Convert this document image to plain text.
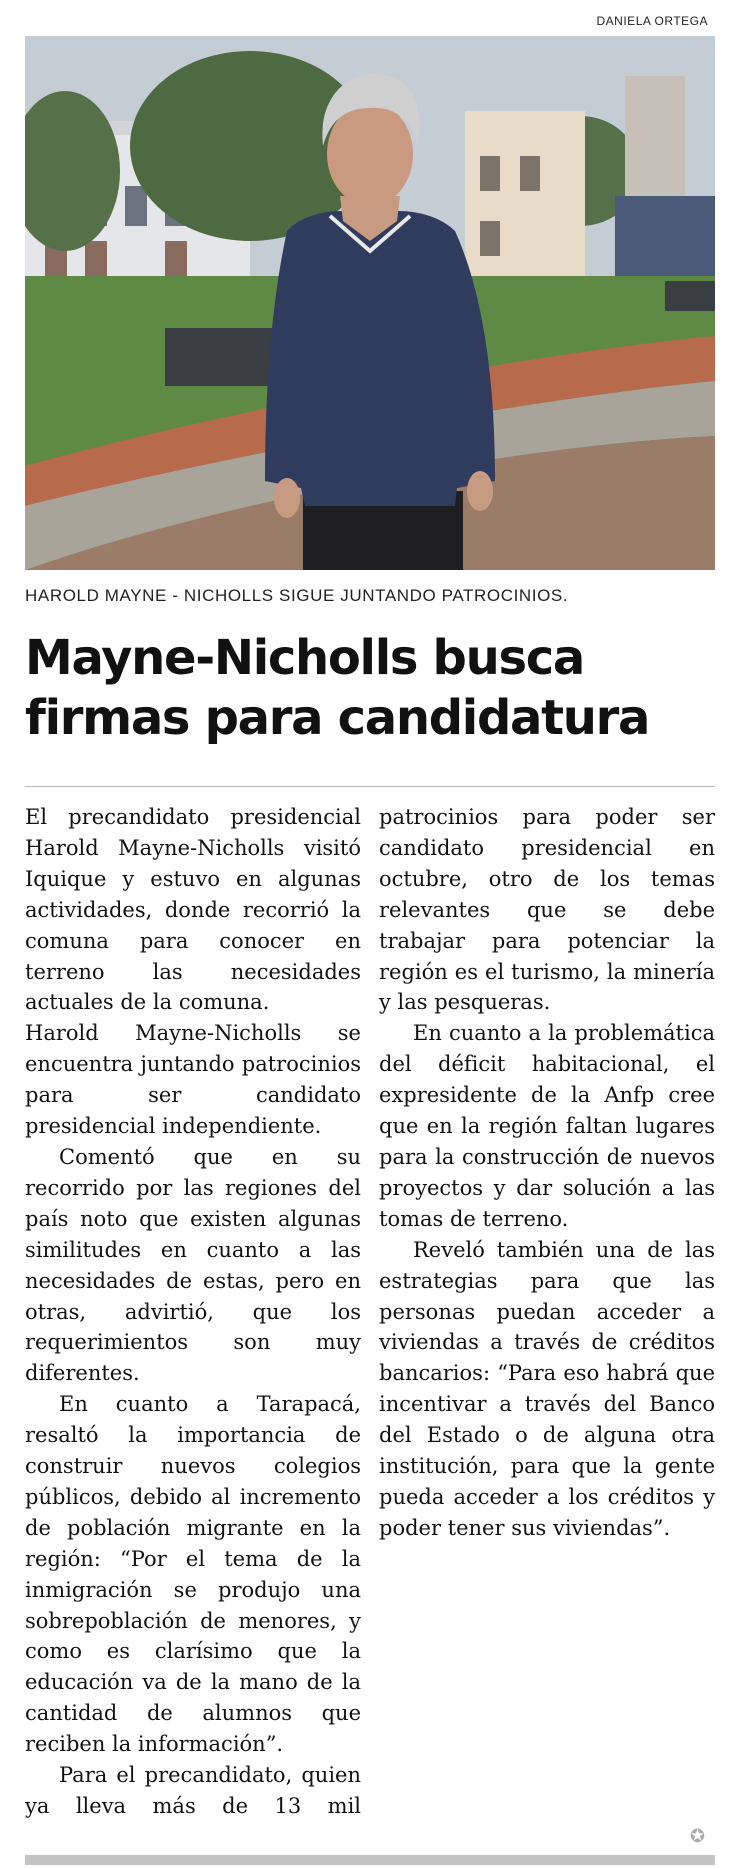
DANIELA ORTEGA
HAROLD MAYNE - NICHOLLS SIGUE JUNTANDO PATROCINIOS.
Mayne-Nicholls busca firmas para candidatura

El precandidato presidencial Harold Mayne-Nicholls visitó Iquique y estuvo en algunas actividades, donde recorrió la comuna para conocer en terreno las necesidades actuales de la comuna.

Harold Mayne-Nicholls se encuentra juntando patrocinios para ser candidato presidencial independiente.

Comentó que en su recorrido por las regiones del país noto que existen algunas similitudes en cuanto a las necesidades de estas, pero en otras, advirtió, que los requerimientos son muy diferentes.

En cuanto a Tarapacá, resaltó la importancia de construir nuevos colegios públicos, debido al incremento de población migrante en la región: “Por el tema de la inmigración se produjo una sobrepoblación de menores, y como es clarísimo que la educación va de la mano de la cantidad de alumnos que reciben la información”.

Para el precandidato, quien ya lleva más de 13 mil patrocinios para poder ser candidato presidencial en octubre, otro de los temas relevantes que se debe trabajar para potenciar la región es el turismo, la minería y las pesqueras.

En cuanto a la problemática del déficit habitacional, el expresidente de la Anfp cree que en la región faltan lugares para la construcción de nuevos proyectos y dar solución a las tomas de terreno.

Reveló también una de las estrategias para que las personas puedan acceder a viviendas a través de créditos bancarios: “Para eso habrá que incentivar a través del Banco del Estado o de alguna otra institución, para que la gente pueda acceder a los créditos y poder tener sus viviendas”.

✪
